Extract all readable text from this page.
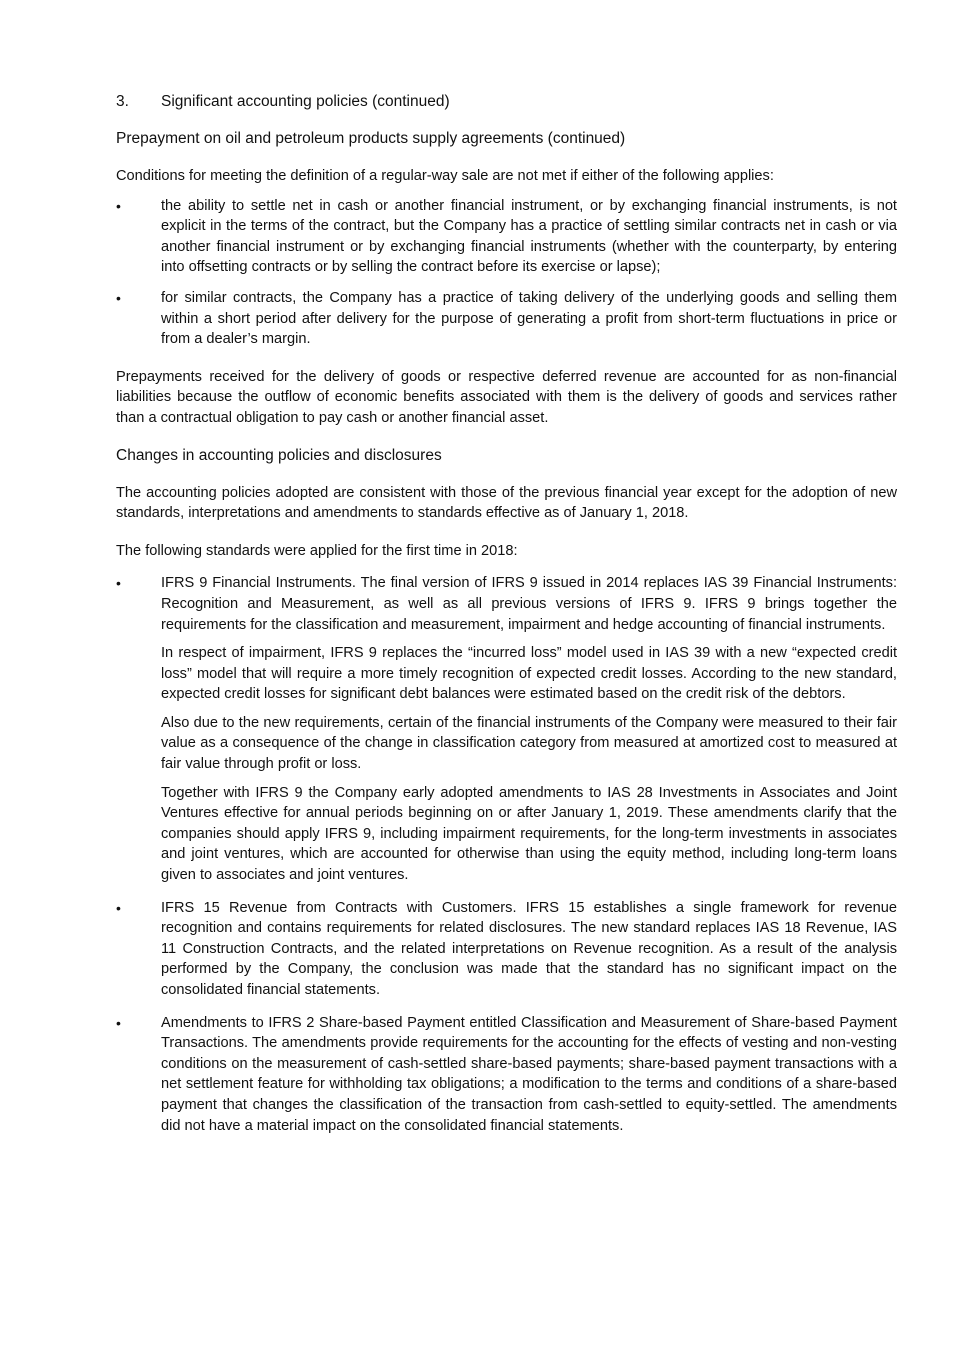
3.	Significant accounting policies (continued)
Prepayment on oil and petroleum products supply agreements (continued)

Conditions for meeting the definition of a regular-way sale are not met if either of the following applies:

•	the ability to settle net in cash or another financial instrument, or by exchanging financial instruments, is not explicit in the terms of the contract, but the Company has a practice of settling similar contracts net in cash or via another financial instrument or by exchanging financial instruments (whether with the counterparty, by entering into offsetting contracts or by selling the contract before its exercise or lapse);

•	for similar contracts, the Company has a practice of taking delivery of the underlying goods and selling them within a short period after delivery for the purpose of generating a profit from short-term fluctuations in price or from a dealer’s margin.

Prepayments received for the delivery of goods or respective deferred revenue are accounted for as non-financial liabilities because the outflow of economic benefits associated with them is the delivery of goods and services rather than a contractual obligation to pay cash or another financial asset.

Changes in accounting policies and disclosures

The accounting policies adopted are consistent with those of the previous financial year except for the adoption of new standards, interpretations and amendments to standards effective as of January 1, 2018.

The following standards were applied for the first time in 2018:

•	IFRS 9 Financial Instruments. The final version of IFRS 9 issued in 2014 replaces IAS 39 Financial Instruments: Recognition and Measurement, as well as all previous versions of IFRS 9. IFRS 9 brings together the requirements for the classification and measurement, impairment and hedge accounting of financial instruments.

In respect of impairment, IFRS 9 replaces the “incurred loss” model used in IAS 39 with a new “expected credit loss” model that will require a more timely recognition of expected credit losses. According to the new standard, expected credit losses for significant debt balances were estimated based on the credit risk of the debtors.

Also due to the new requirements, certain of the financial instruments of the Company were measured to their fair value as a consequence of the change in classification category from measured at amortized cost to measured at fair value through profit or loss.

Together with IFRS 9 the Company early adopted amendments to IAS 28 Investments in Associates and Joint Ventures effective for annual periods beginning on or after January 1, 2019. These amendments clarify that the companies should apply IFRS 9, including impairment requirements, for the long-term investments in associates and joint ventures, which are accounted for otherwise than using the equity method, including long-term loans given to associates and joint ventures.

•	IFRS 15 Revenue from Contracts with Customers. IFRS 15 establishes a single framework for revenue recognition and contains requirements for related disclosures. The new standard replaces IAS 18 Revenue, IAS 11 Construction Contracts, and the related interpretations on Revenue recognition. As a result of the analysis performed by the Company, the conclusion was made that the standard has no significant impact on the consolidated financial statements.

•	Amendments to IFRS 2 Share-based Payment entitled Classification and Measurement of Share-based Payment Transactions. The amendments provide requirements for the accounting for the effects of vesting and non-vesting conditions on the measurement of cash-settled share-based payments; share-based payment transactions with a net settlement feature for withholding tax obligations; a modification to the terms and conditions of a share-based payment that changes the classification of the transaction from cash-settled to equity-settled. The amendments did not have a material impact on the consolidated financial statements.
